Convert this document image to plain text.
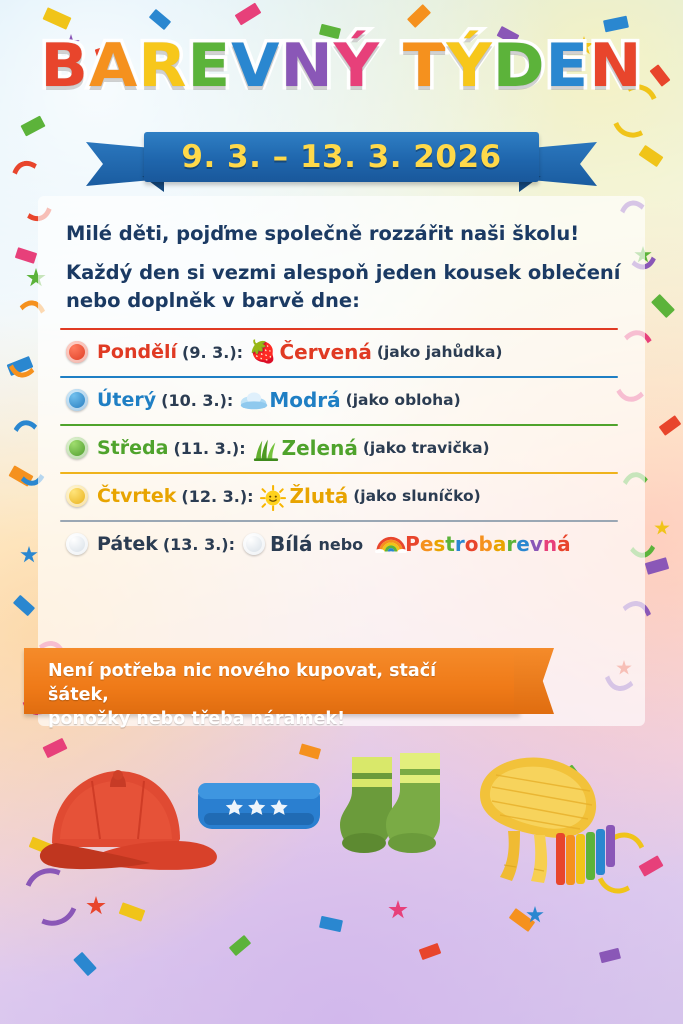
BAREVNÝ TÝDEN
9. 3. – 13. 3. 2026
Milé děti, pojďme společně rozzářit naši školu!
Každý den si vezmi alespoň jeden kousek oblečení
nebo doplněk v barvě dne:
Pondělí (9. 3.): 🍓 Červená (jako jahůdka)
Úterý (10. 3.): Modrá (jako obloha)
Středa (11. 3.): Zelená (jako travička)
Čtvrtek (12. 3.): Žlutá (jako sluníčko)
Pátek (13. 3.): Bílá nebo Pestrobarevná
Není potřeba nic nového kupovat, stačí šátek,
ponožky nebo třeba náramek!
